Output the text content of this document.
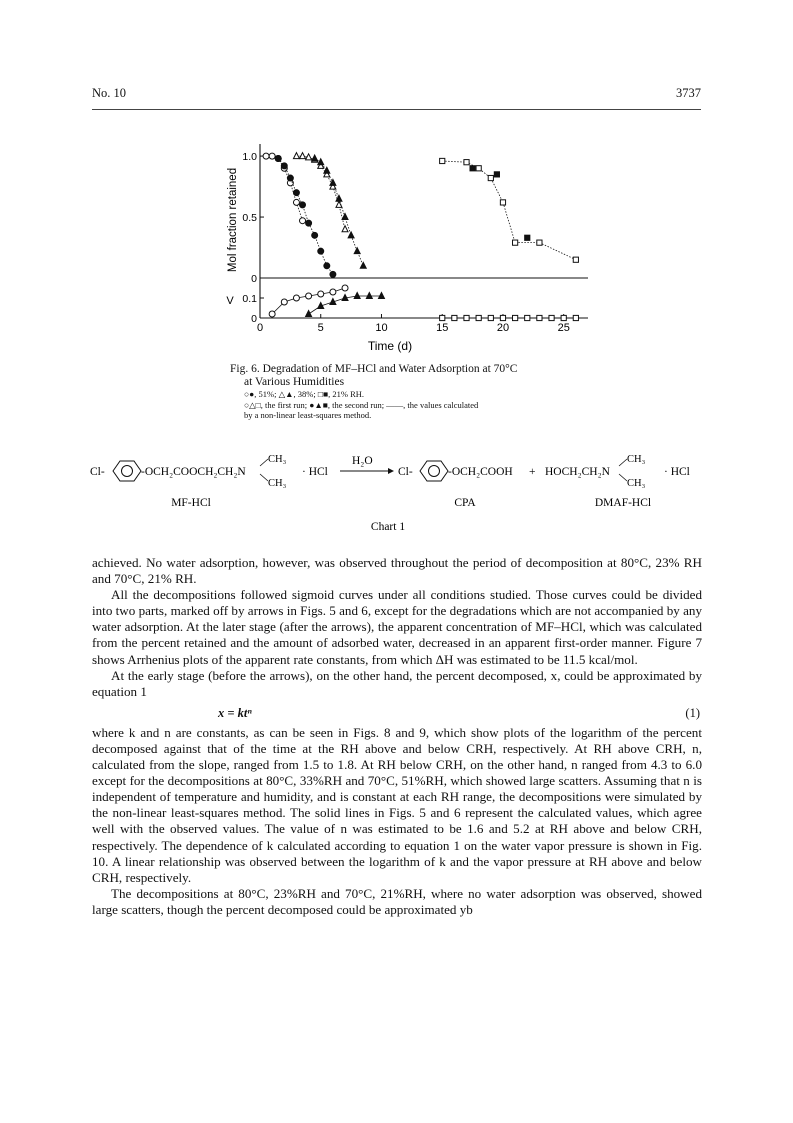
No. 10	3737
1.0
0.5
0
0.1
0
0	5	10	15	20	25
Mol fraction retained
V
Time (d)
Fig. 6. Degradation of MF–HCl and Water Adsorption at 70°C
at Various Humidities
○●, 51%; △▲, 38%; □■, 21% RH.
○△□, the first run; ●▲■, the second run; ——, the values calculated
by a non-linear least-squares method.
Cl-	-OCH₂COOCH₂CH₂N
CH₃
CH₃
· HCl
H₂O
Cl-	-OCH₂COOH + HOCH₂CH₂N
CH₃
CH₃
· HCl
MF-HCl	CPA	DMAF-HCl
Chart 1

achieved. No water adsorption, however, was observed throughout the period of decomposition at 80°C, 23% RH and 70°C, 21% RH.

All the decompositions followed sigmoid curves under all conditions studied. Those curves could be divided into two parts, marked off by arrows in Figs. 5 and 6, except for the degradations which are not accompanied by any water adsorption. At the later stage (after the arrows), the apparent concentration of MF–HCl, which was calculated from the percent retained and the amount of adsorbed water, decreased in an apparent first-order manner. Figure 7 shows Arrhenius plots of the apparent rate constants, from which ΔH was estimated to be 11.5 kcal/mol.

At the early stage (before the arrows), on the other hand, the percent decomposed, x, could be approximated by equation 1

x = ktⁿ	(1)

where k and n are constants, as can be seen in Figs. 8 and 9, which show plots of the logarithm of the percent decomposed against that of the time at the RH above and below CRH, respectively. At RH above CRH, n, calculated from the slope, ranged from 1.5 to 1.8. At RH below CRH, on the other hand, n ranged from 4.3 to 6.0 except for the decompositions at 80°C, 33%RH and 70°C, 51%RH, which showed large scatters. Assuming that n is independent of temperature and humidity, and is constant at each RH range, the decompositions were simulated by the non-linear least-squares method. The solid lines in Figs. 5 and 6 represent the calculated values, which agree well with the observed values. The value of n was estimated to be 1.6 and 5.2 at RH above and below CRH, respectively. The dependence of k calculated according to equation 1 on the water vapor pressure is shown in Fig. 10. A linear relationship was observed between the logarithm of k and the vapor pressure at RH above and below CRH, respectively.

The decompositions at 80°C, 23%RH and 70°C, 21%RH, where no water adsorption was observed, showed large scatters, though the percent decomposed could be approximated yb
